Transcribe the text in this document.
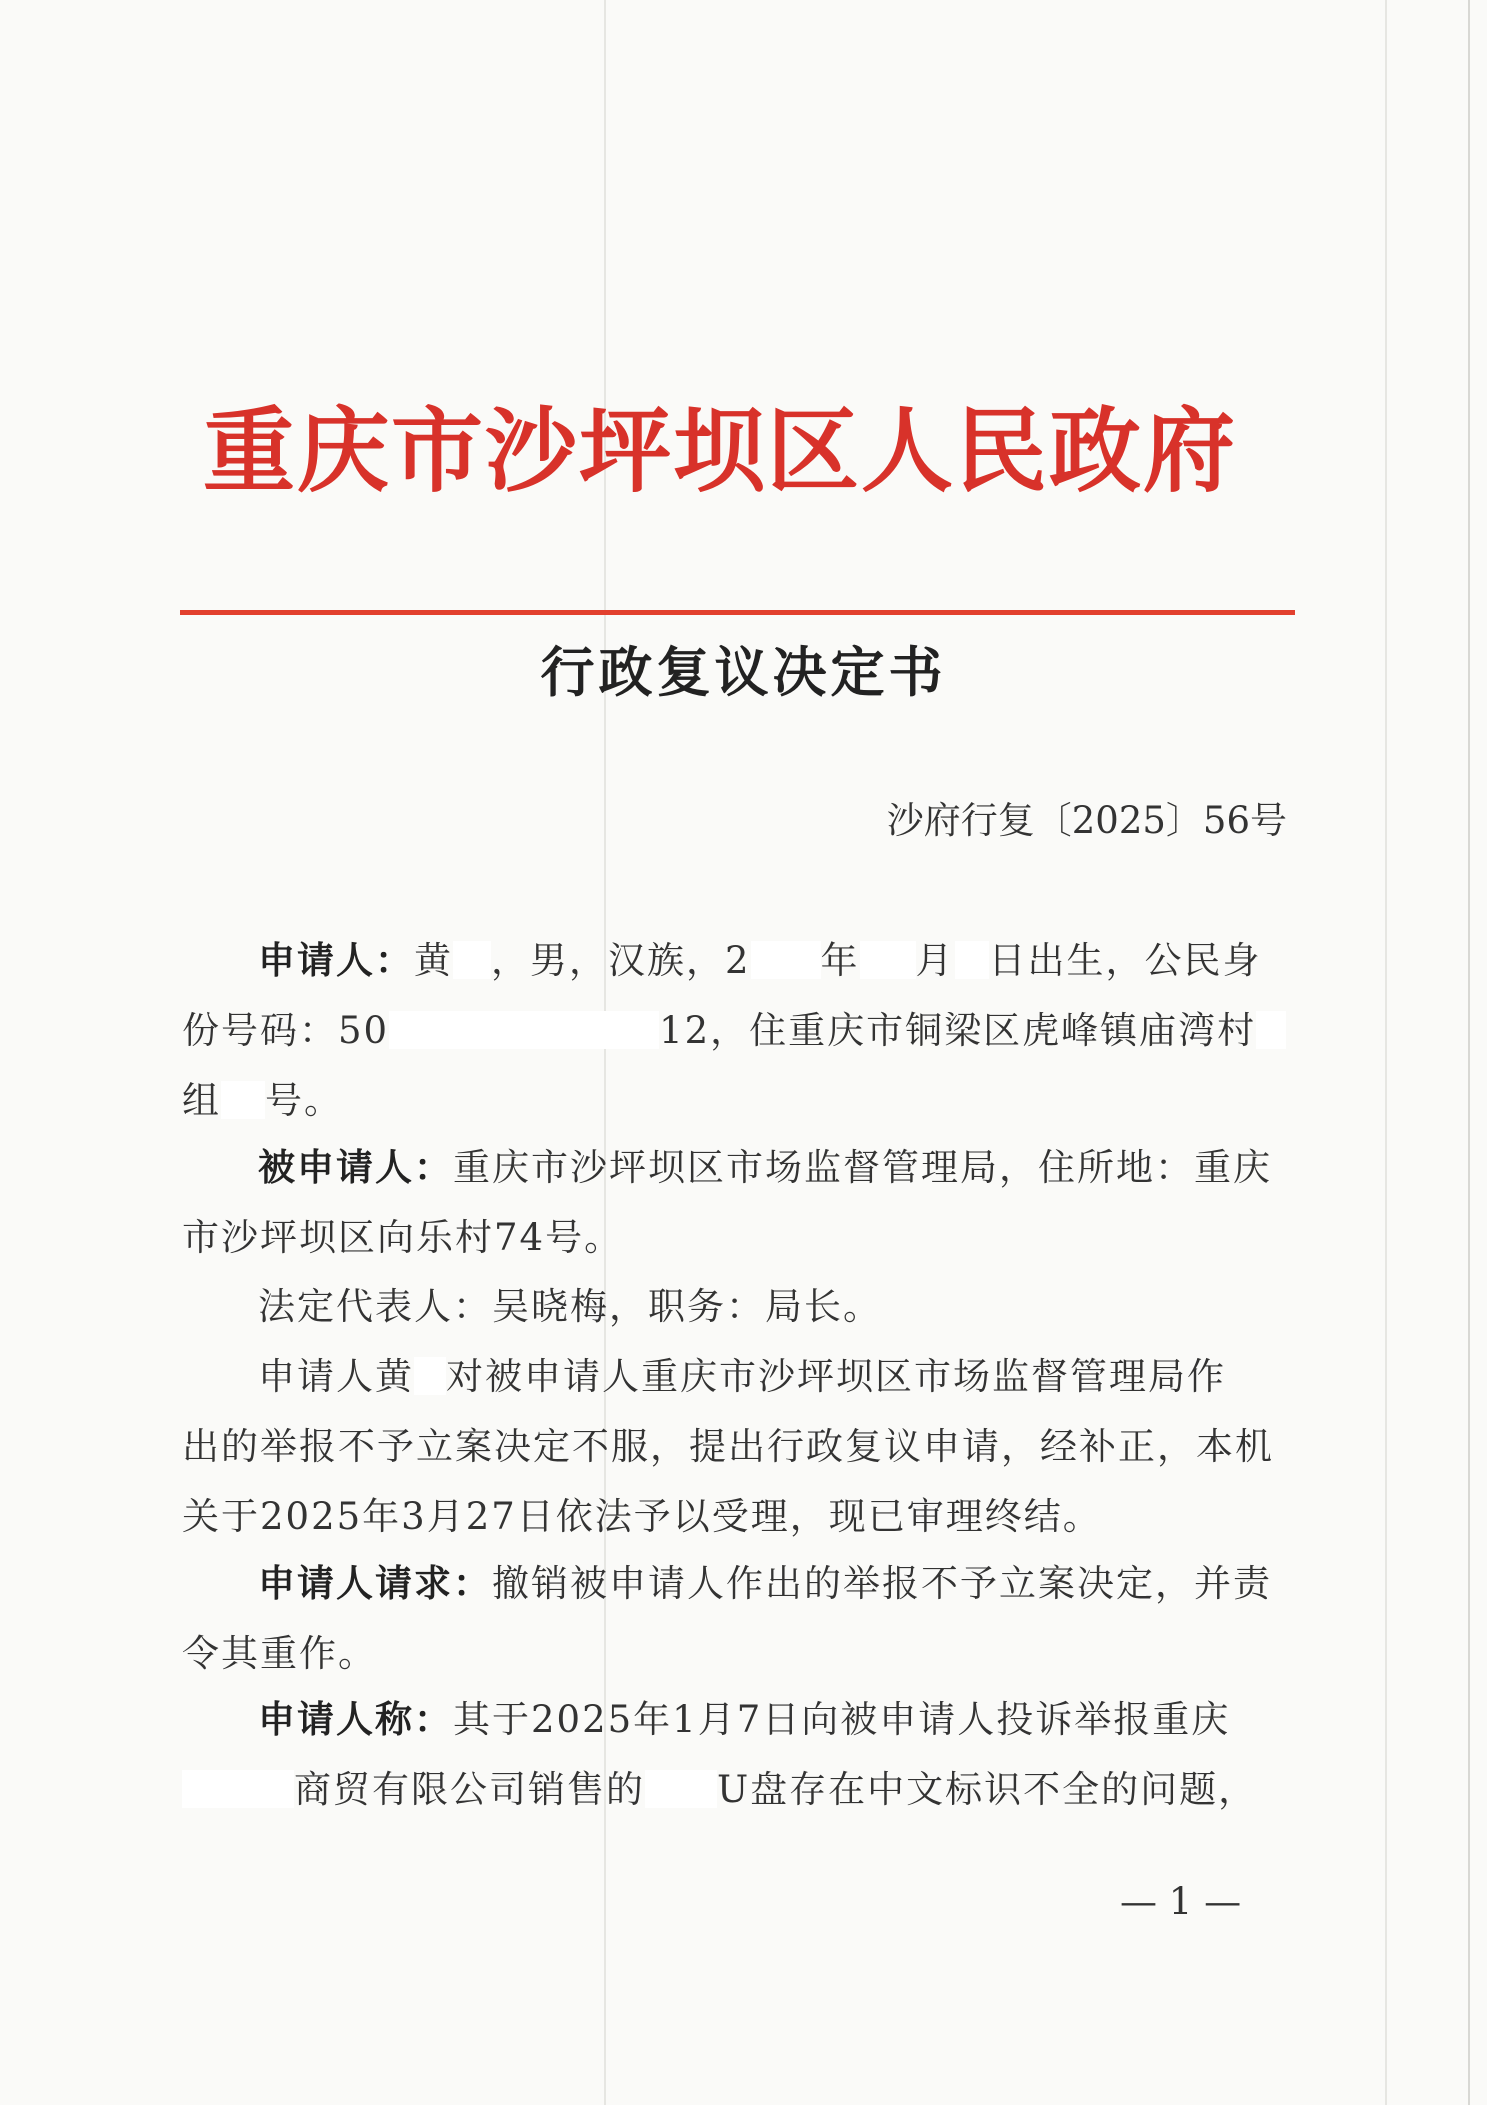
重庆市沙坪坝区人民政府
行政复议决定书
沙府行复〔2025〕56号
申请人：黄 ，男，汉族，2 年 月 日出生，公民身
份号码：50	12，住重庆市铜梁区虎峰镇庙湾村
组 号。
被申请人：重庆市沙坪坝区市场监督管理局，住所地：重庆
市沙坪坝区向乐村74号。
法定代表人：吴晓梅，职务：局长。
申请人黄 对被申请人重庆市沙坪坝区市场监督管理局作
出的举报不予立案决定不服，提出行政复议申请，经补正，本机
关于2025年3月27日依法予以受理，现已审理终结。
申请人请求：撤销被申请人作出的举报不予立案决定，并责
令其重作。
申请人称：其于2025年1月7日向被申请人投诉举报重庆
商贸有限公司销售的 U盘存在中文标识不全的问题，
— 1 —
